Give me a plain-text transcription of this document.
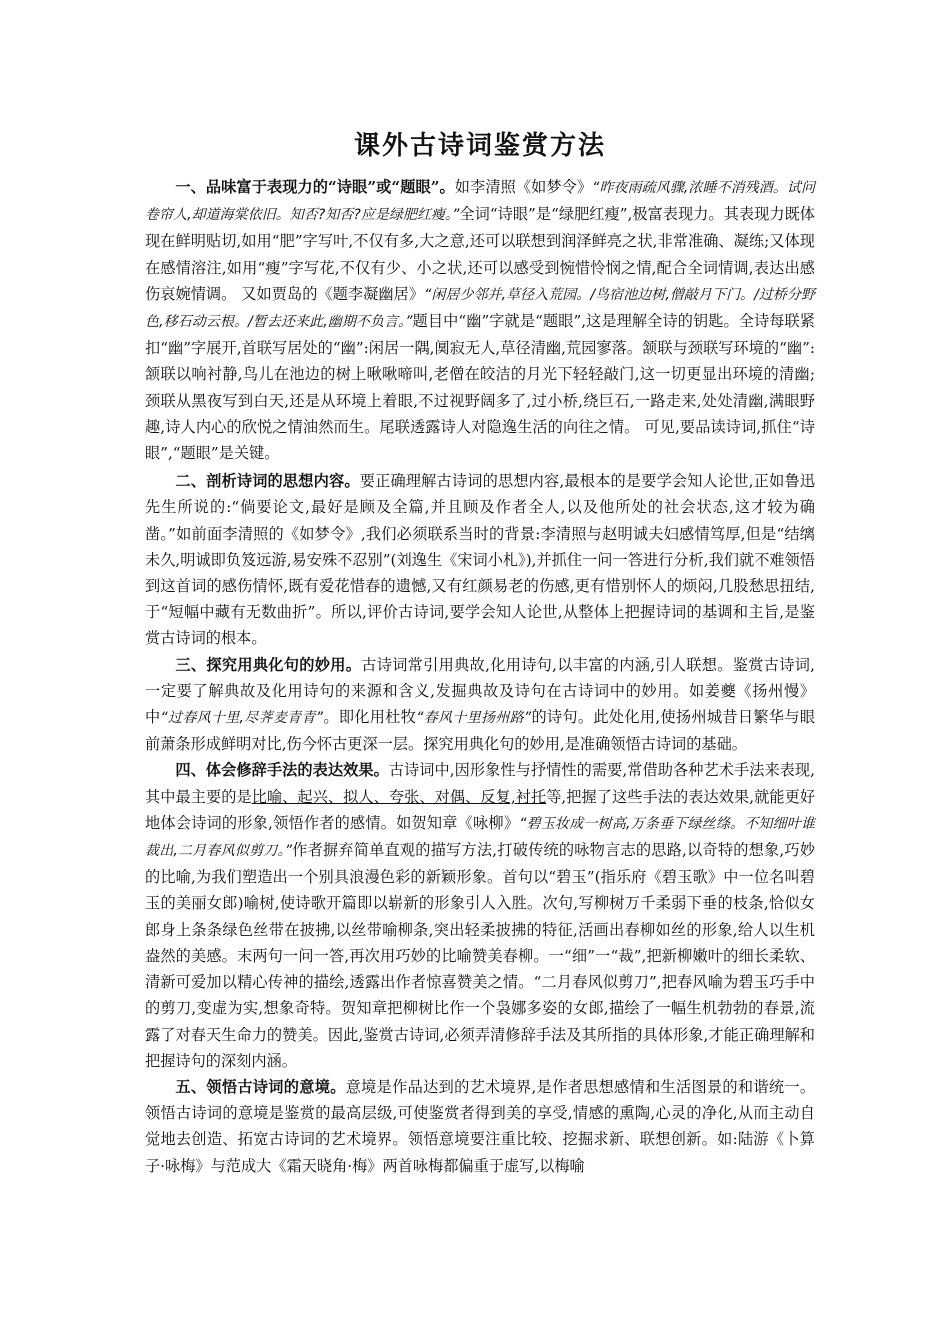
课外古诗词鉴赏方法

一、品味富于表现力的“诗眼”或“题眼”。如李清照《如梦令》“昨夜雨疏风骤,浓睡不消残酒。试问卷帘人,却道海棠依旧。知否?知否?应是绿肥红瘦。”全词“诗眼”是“绿肥红瘦”,极富表现力。其表现力既体现在鲜明贴切,如用“肥”字写叶,不仅有多,大之意,还可以联想到润泽鲜亮之状,非常准确、凝练;又体现在感情溶注,如用“瘦”字写花,不仅有少、小之状,还可以感受到惋惜怜悯之情,配合全词情调,表达出感伤哀婉情调。 又如贾岛的《题李凝幽居》“闲居少邻并,草径入荒园。/鸟宿池边树,僧敲月下门。/过桥分野色,移石动云根。/暂去还来此,幽期不负言。”题目中“幽”字就是“题眼”,这是理解全诗的钥匙。全诗每联紧扣“幽”字展开,首联写居处的“幽”:闲居一隅,阒寂无人,草径清幽,荒园寥落。颔联与颈联写环境的“幽”:颔联以响衬静,鸟儿在池边的树上啾啾啼叫,老僧在皎洁的月光下轻轻敲门,这一切更显出环境的清幽;颈联从黑夜写到白天,还是从环境上着眼,不过视野阔多了,过小桥,绕巨石,一路走来,处处清幽,满眼野趣,诗人内心的欣悦之情油然而生。尾联透露诗人对隐逸生活的向往之情。 可见,要品读诗词,抓住“诗眼”,“题眼”是关键。

二、剖析诗词的思想内容。要正确理解古诗词的思想内容,最根本的是要学会知人论世,正如鲁迅先生所说的:“倘要论文,最好是顾及全篇,并且顾及作者全人,以及他所处的社会状态,这才较为确凿。”如前面李清照的《如梦令》,我们必须联系当时的背景:李清照与赵明诚夫妇感情笃厚,但是“结缡 未久,明诚即负笈远游,易安殊不忍别”(刘逸生《宋词小札》),并抓住一问一答进行分析,我们就不难领悟到这首词的感伤情怀,既有爱花惜春的遗憾,又有红颜易老的伤感,更有惜别怀人的烦闷,几股愁思扭结,于“短幅中藏有无数曲折”。所以,评价古诗词,要学会知人论世,从整体上把握诗词的基调和主旨,是鉴赏古诗词的根本。

三、探究用典化句的妙用。古诗词常引用典故,化用诗句,以丰富的内涵,引人联想。鉴赏古诗词,一定要了解典故及化用诗句的来源和含义,发掘典故及诗句在古诗词中的妙用。如姜夔《扬州慢》中“过春风十里,尽荠麦青青”。即化用杜牧“春风十里扬州路”的诗句。此处化用,使扬州城昔日繁华与眼前萧条形成鲜明对比,伤今怀古更深一层。探究用典化句的妙用,是准确领悟古诗词的基础。

四、体会修辞手法的表达效果。古诗词中,因形象性与抒情性的需要,常借助各种艺术手法来表现,其中最主要的是比喻、起兴、拟人、夸张、对偶、反复,衬托等,把握了这些手法的表达效果,就能更好地体会诗词的形象,领悟作者的感情。如贺知章《咏柳》“碧玉妆成一树高,万条垂下绿丝绦。不知细叶谁裁出,二月春风似剪刀。”作者摒弃简单直观的描写方法,打破传统的咏物言志的思路,以奇特的想象,巧妙的比喻,为我们塑造出一个别具浪漫色彩的新颖形象。首句以“碧玉”(指乐府《碧玉歌》中一位名叫碧玉的美丽女郎)喻树,使诗歌开篇即以崭新的形象引人入胜。次句,写柳树万千柔弱下垂的枝条,恰似女郎身上条条绿色丝带在披拂,以丝带喻柳条,突出轻柔披拂的特征,活画出春柳如丝的形象,给人以生机盎然的美感。末两句一问一答,再次用巧妙的比喻赞美春柳。一“细”一“裁”,把新柳嫩叶的细长柔软、清新可爱加以精心传神的描绘,透露出作者惊喜赞美之情。“二月春风似剪刀”,把春风喻为碧玉巧手中的剪刀,变虚为实,想象奇特。贺知章把柳树比作一个袅娜多姿的女郎,描绘了一幅生机勃勃的春景,流露了对春天生命力的赞美。因此,鉴赏古诗词,必须弄清修辞手法及其所指的具体形象,才能正确理解和把握诗句的深刻内涵。

五、领悟古诗词的意境。意境是作品达到的艺术境界,是作者思想感情和生活图景的和谐统一。领悟古诗词的意境是鉴赏的最高层级,可使鉴赏者得到美的享受,情感的熏陶,心灵的净化,从而主动自觉地去创造、拓宽古诗词的艺术境界。领悟意境要注重比较、挖掘求新、联想创新。如:陆游《卜算子·咏梅》与范成大《霜天晓角·梅》两首咏梅都偏重于虚写,以梅喻
